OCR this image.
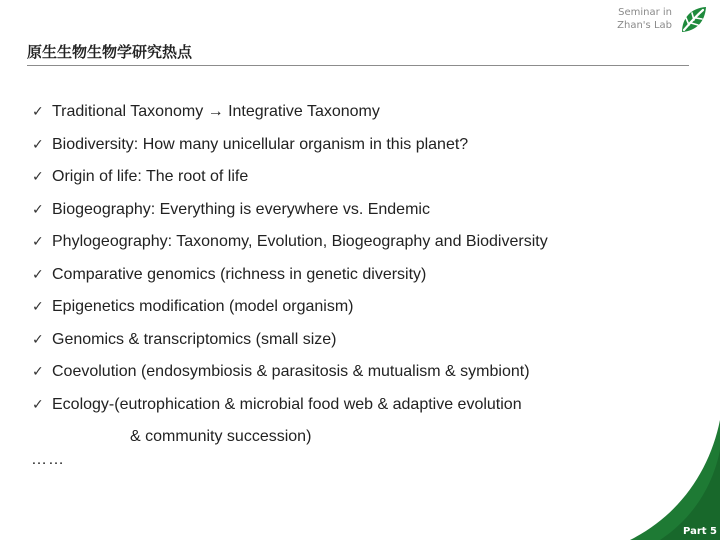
Seminar in
Zhan's Lab
原生生物生物学研究热点
✓ Traditional Taxonomy → Integrative Taxonomy
✓ Biodiversity: How many unicellular organism in this planet?
✓ Origin of life: The root of life
✓ Biogeography: Everything is everywhere vs. Endemic
✓ Phylogeography: Taxonomy, Evolution, Biogeography and Biodiversity
✓ Comparative genomics (richness in genetic diversity)
✓ Epigenetics modification (model organism)
✓ Genomics & transcriptomics (small size)
✓ Coevolution (endosymbiosis & parasitosis & mutualism & symbiont)
✓ Ecology-(eutrophication & microbial food web & adaptive evolution
& community succession)
……
Part 5
